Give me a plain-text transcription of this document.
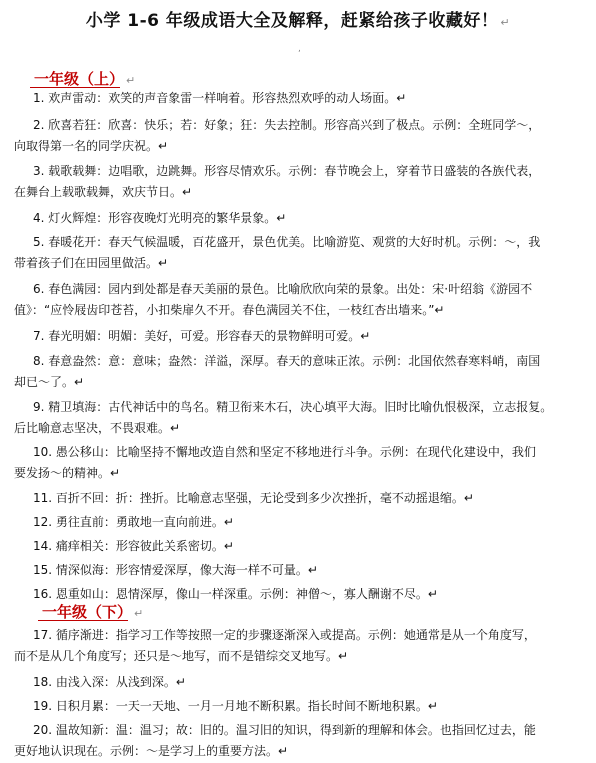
小学 1-6 年级成语大全及解释，赶紧给孩子收藏好！ ↵
,
一年级（上） ↵
一年级（下） ↵
1. 欢声雷动：欢笑的声音象雷一样响着。形容热烈欢呼的动人场面。↵
2. 欣喜若狂：欣喜：快乐；若：好象；狂：失去控制。形容高兴到了极点。示例：全班同学～，
向取得第一名的同学庆祝。↵
3. 载歌载舞：边唱歌，边跳舞。形容尽情欢乐。示例：春节晚会上，穿着节日盛装的各族代表，
在舞台上载歌载舞，欢庆节日。↵
4. 灯火辉煌：形容夜晚灯光明亮的繁华景象。↵
5. 春暖花开：春天气候温暖，百花盛开，景色优美。比喻游览、观赏的大好时机。示例：～，我
带着孩子们在田园里做活。↵
6. 春色满园：园内到处都是春天美丽的景色。比喻欣欣向荣的景象。出处：宋·叶绍翁《游园不
值》：“应怜屐齿印苍苔，小扣柴扉久不开。春色满园关不住，一枝红杏出墙来。”↵
7. 春光明媚：明媚：美好，可爱。形容春天的景物鲜明可爱。↵
8. 春意盎然：意：意味；盎然：洋溢，深厚。春天的意味正浓。示例：北国依然春寒料峭，南国
却已～了。↵
9. 精卫填海：古代神话中的鸟名。精卫衔来木石，决心填平大海。旧时比喻仇恨极深，立志报复。
后比喻意志坚决，不畏艰难。↵
10. 愚公移山：比喻坚持不懈地改造自然和坚定不移地进行斗争。示例：在现代化建设中，我们
要发扬～的精神。↵
11. 百折不回：折：挫折。比喻意志坚强，无论受到多少次挫折，毫不动摇退缩。↵
12. 勇往直前：勇敢地一直向前进。↵
14. 痛痒相关：形容彼此关系密切。↵
15. 情深似海：形容情爱深厚，像大海一样不可量。↵
16. 恩重如山：恩情深厚，像山一样深重。示例：神僧～，寡人酬谢不尽。↵
17. 循序渐进：指学习工作等按照一定的步骤逐渐深入或提高。示例：她通常是从一个角度写，
而不是从几个角度写；还只是～地写，而不是错综交叉地写。↵
18. 由浅入深：从浅到深。↵
19. 日积月累：一天一天地、一月一月地不断积累。指长时间不断地积累。↵
20. 温故知新：温：温习；故：旧的。温习旧的知识，得到新的理解和体会。也指回忆过去，能
更好地认识现在。示例：～是学习上的重要方法。↵
